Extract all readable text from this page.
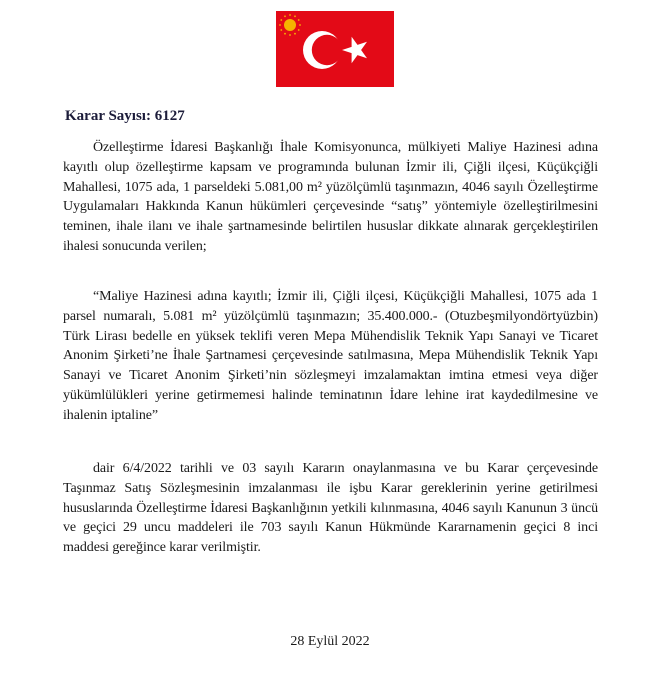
Karar Sayısı: 6127

Özelleştirme İdaresi Başkanlığı İhale Komisyonunca, mülkiyeti Maliye Hazinesi adına kayıtlı olup özelleştirme kapsam ve programında bulunan İzmir ili, Çiğli ilçesi, Küçükçiğli Mahallesi, 1075 ada, 1 parseldeki 5.081,00 m² yüzölçümlü taşınmazın, 4046 sayılı Özelleştirme Uygulamaları Hakkında Kanun hükümleri çerçevesinde “satış” yöntemiyle özelleştirilmesini teminen, ihale ilanı ve ihale şartnamesinde belirtilen hususlar dikkate alınarak gerçekleştirilen ihalesi sonucunda verilen;

“Maliye Hazinesi adına kayıtlı; İzmir ili, Çiğli ilçesi, Küçükçiğli Mahallesi, 1075 ada 1 parsel numaralı, 5.081 m² yüzölçümlü taşınmazın; 35.400.000.- (Otuzbeşmilyondörtyüzbin) Türk Lirası bedelle en yüksek teklifi veren Mepa Mühendislik Teknik Yapı Sanayi ve Ticaret Anonim Şirketi’ne İhale Şartnamesi çerçevesinde satılmasına, Mepa Mühendislik Teknik Yapı Sanayi ve Ticaret Anonim Şirketi’nin sözleşmeyi imzalamaktan imtina etmesi veya diğer yükümlülükleri yerine getirmemesi halinde teminatının İdare lehine irat kaydedilmesine ve ihalenin iptaline”

dair 6/4/2022 tarihli ve 03 sayılı Kararın onaylanmasına ve bu Karar çerçevesinde Taşınmaz Satış Sözleşmesinin imzalanması ile işbu Karar gereklerinin yerine getirilmesi hususlarında Özelleştirme İdaresi Başkanlığının yetkili kılınmasına, 4046 sayılı Kanunun 3 üncü ve geçici 29 uncu maddeleri ile 703 sayılı Kanun Hükmünde Kararnamenin geçici 8 inci maddesi gereğince karar verilmiştir.

28 Eylül 2022
